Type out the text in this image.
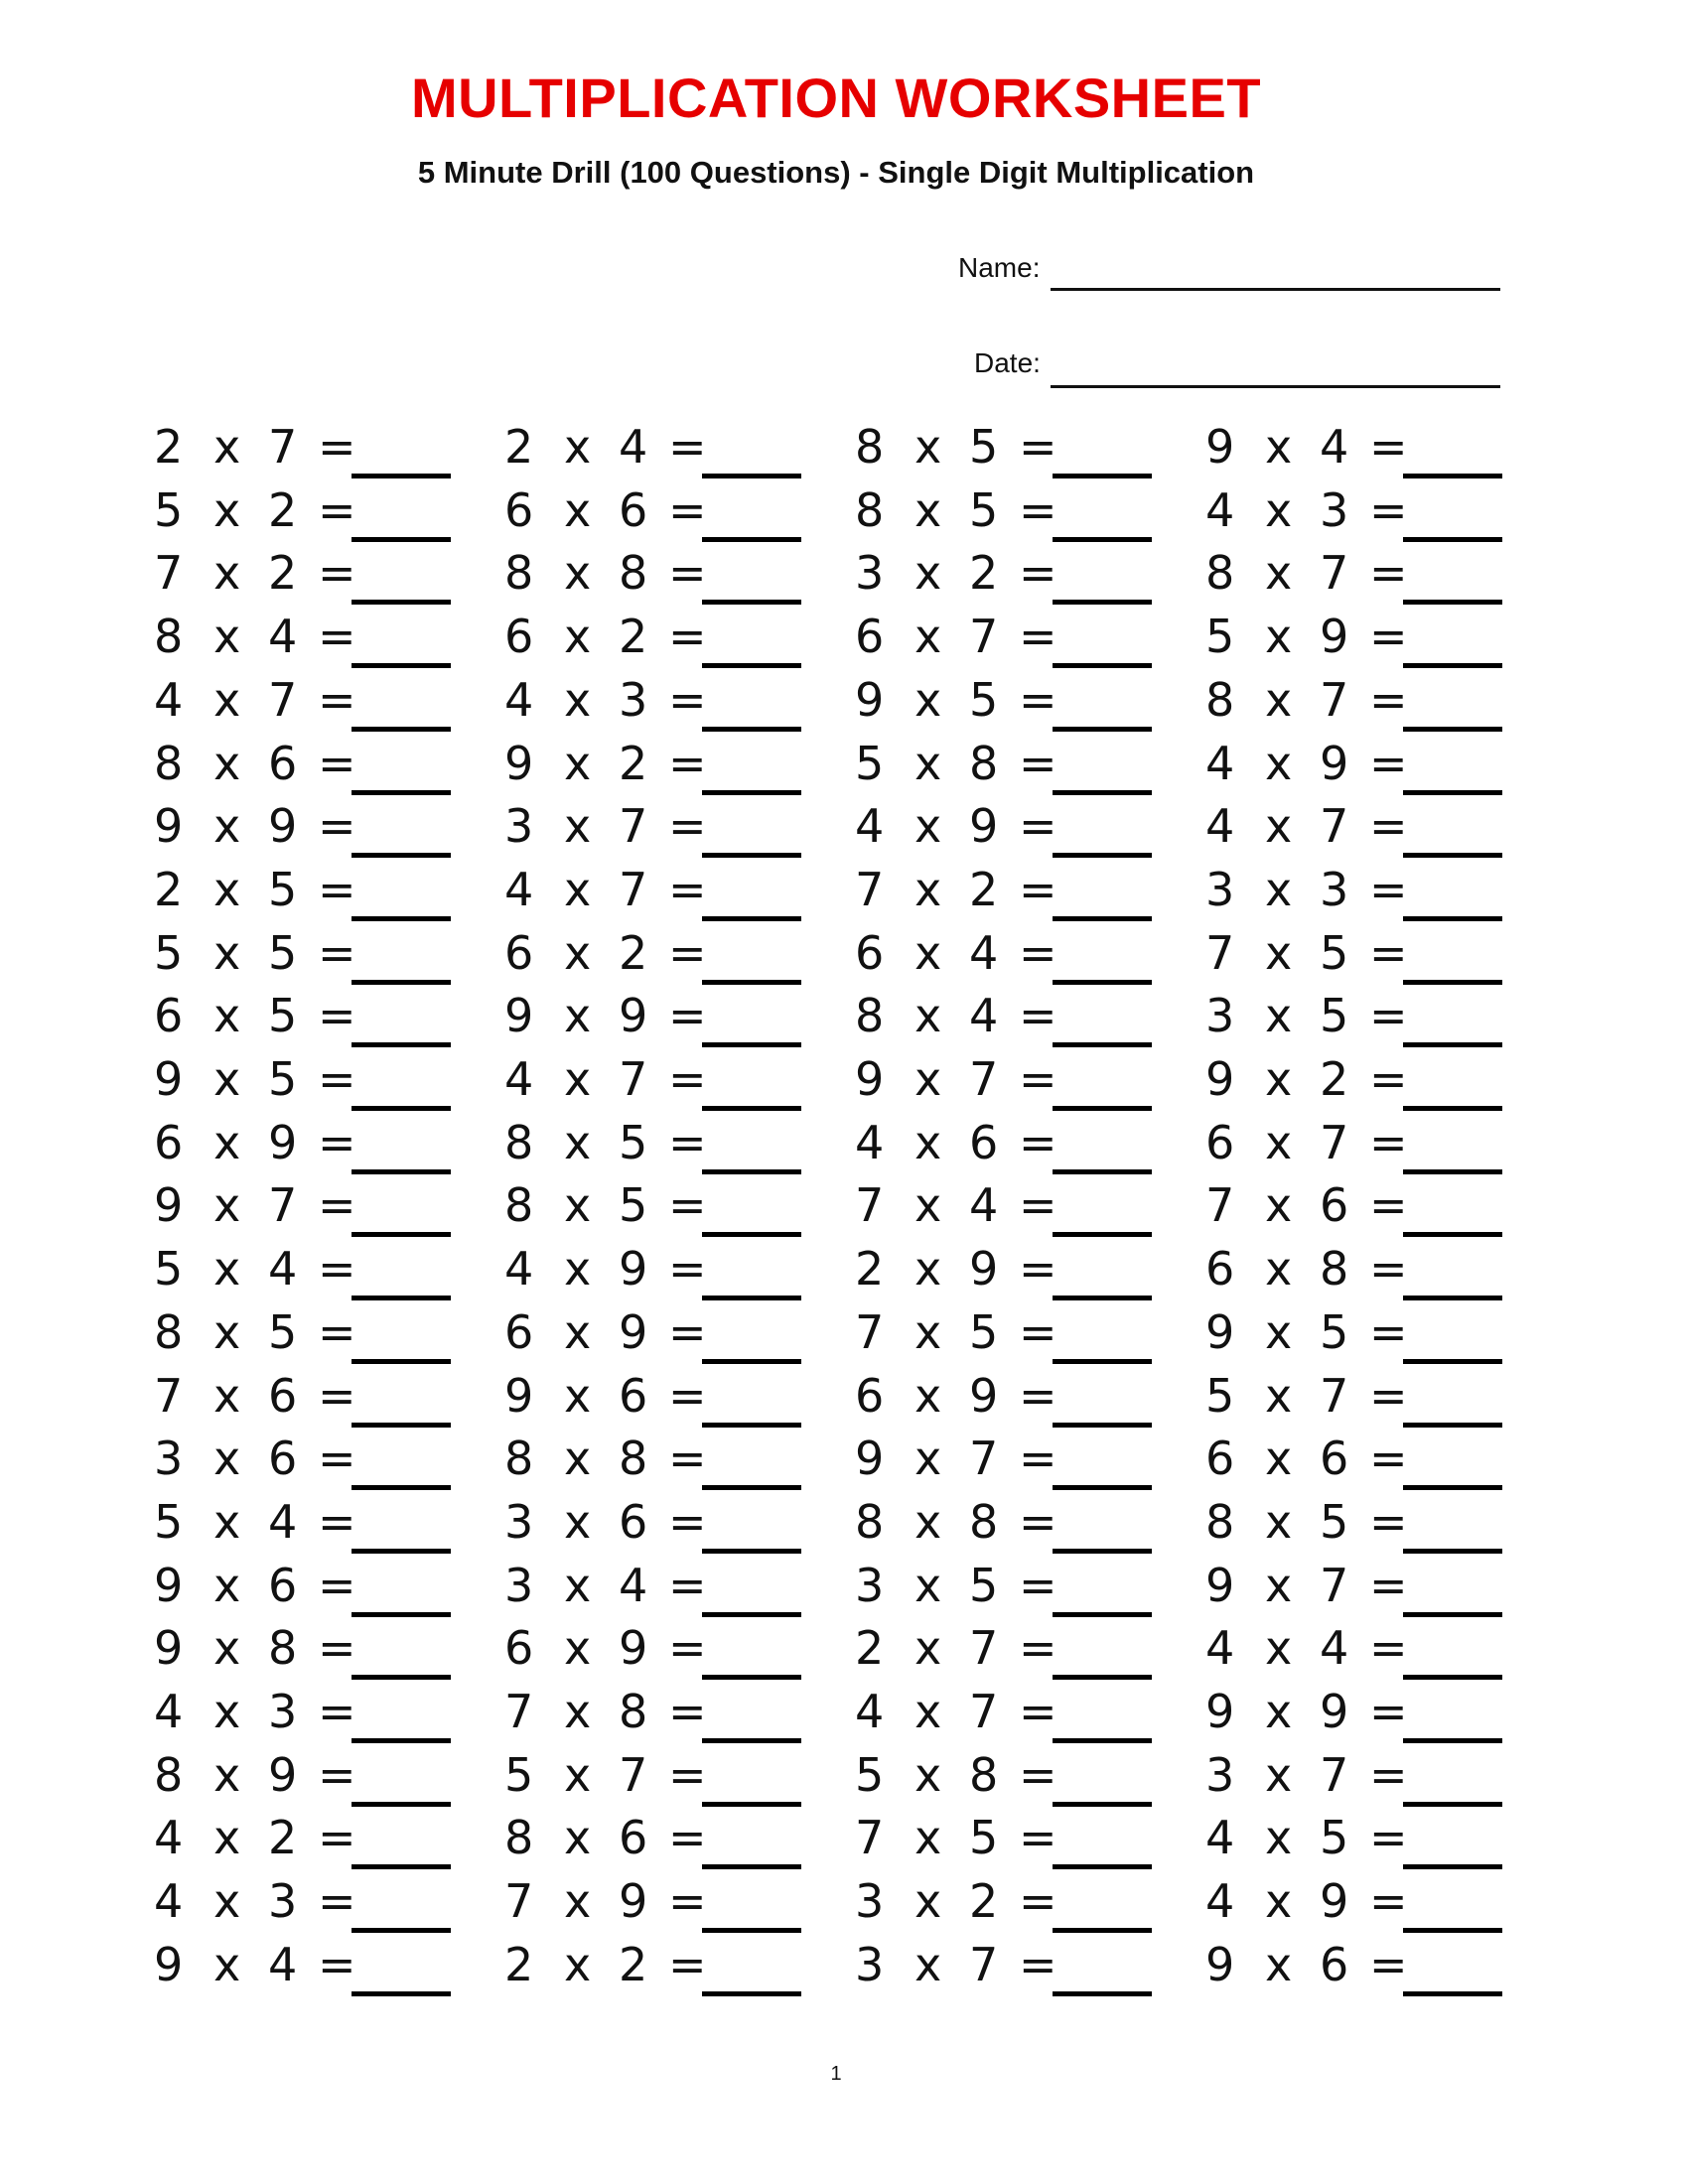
MULTIPLICATION WORKSHEET
5 Minute Drill (100 Questions) - Single Digit Multiplication
Name:
Date:
2 x 7 =
5 x 2 =
7 x 2 =
8 x 4 =
4 x 7 =
8 x 6 =
9 x 9 =
2 x 5 =
5 x 5 =
6 x 5 =
9 x 5 =
6 x 9 =
9 x 7 =
5 x 4 =
8 x 5 =
7 x 6 =
3 x 6 =
5 x 4 =
9 x 6 =
9 x 8 =
4 x 3 =
8 x 9 =
4 x 2 =
4 x 3 =
9 x 4 =
2 x 4 =
6 x 6 =
8 x 8 =
6 x 2 =
4 x 3 =
9 x 2 =
3 x 7 =
4 x 7 =
6 x 2 =
9 x 9 =
4 x 7 =
8 x 5 =
8 x 5 =
4 x 9 =
6 x 9 =
9 x 6 =
8 x 8 =
3 x 6 =
3 x 4 =
6 x 9 =
7 x 8 =
5 x 7 =
8 x 6 =
7 x 9 =
2 x 2 =
8 x 5 =
8 x 5 =
3 x 2 =
6 x 7 =
9 x 5 =
5 x 8 =
4 x 9 =
7 x 2 =
6 x 4 =
8 x 4 =
9 x 7 =
4 x 6 =
7 x 4 =
2 x 9 =
7 x 5 =
6 x 9 =
9 x 7 =
8 x 8 =
3 x 5 =
2 x 7 =
4 x 7 =
5 x 8 =
7 x 5 =
3 x 2 =
3 x 7 =
9 x 4 =
4 x 3 =
8 x 7 =
5 x 9 =
8 x 7 =
4 x 9 =
4 x 7 =
3 x 3 =
7 x 5 =
3 x 5 =
9 x 2 =
6 x 7 =
7 x 6 =
6 x 8 =
9 x 5 =
5 x 7 =
6 x 6 =
8 x 5 =
9 x 7 =
4 x 4 =
9 x 9 =
3 x 7 =
4 x 5 =
4 x 9 =
9 x 6 =
1
